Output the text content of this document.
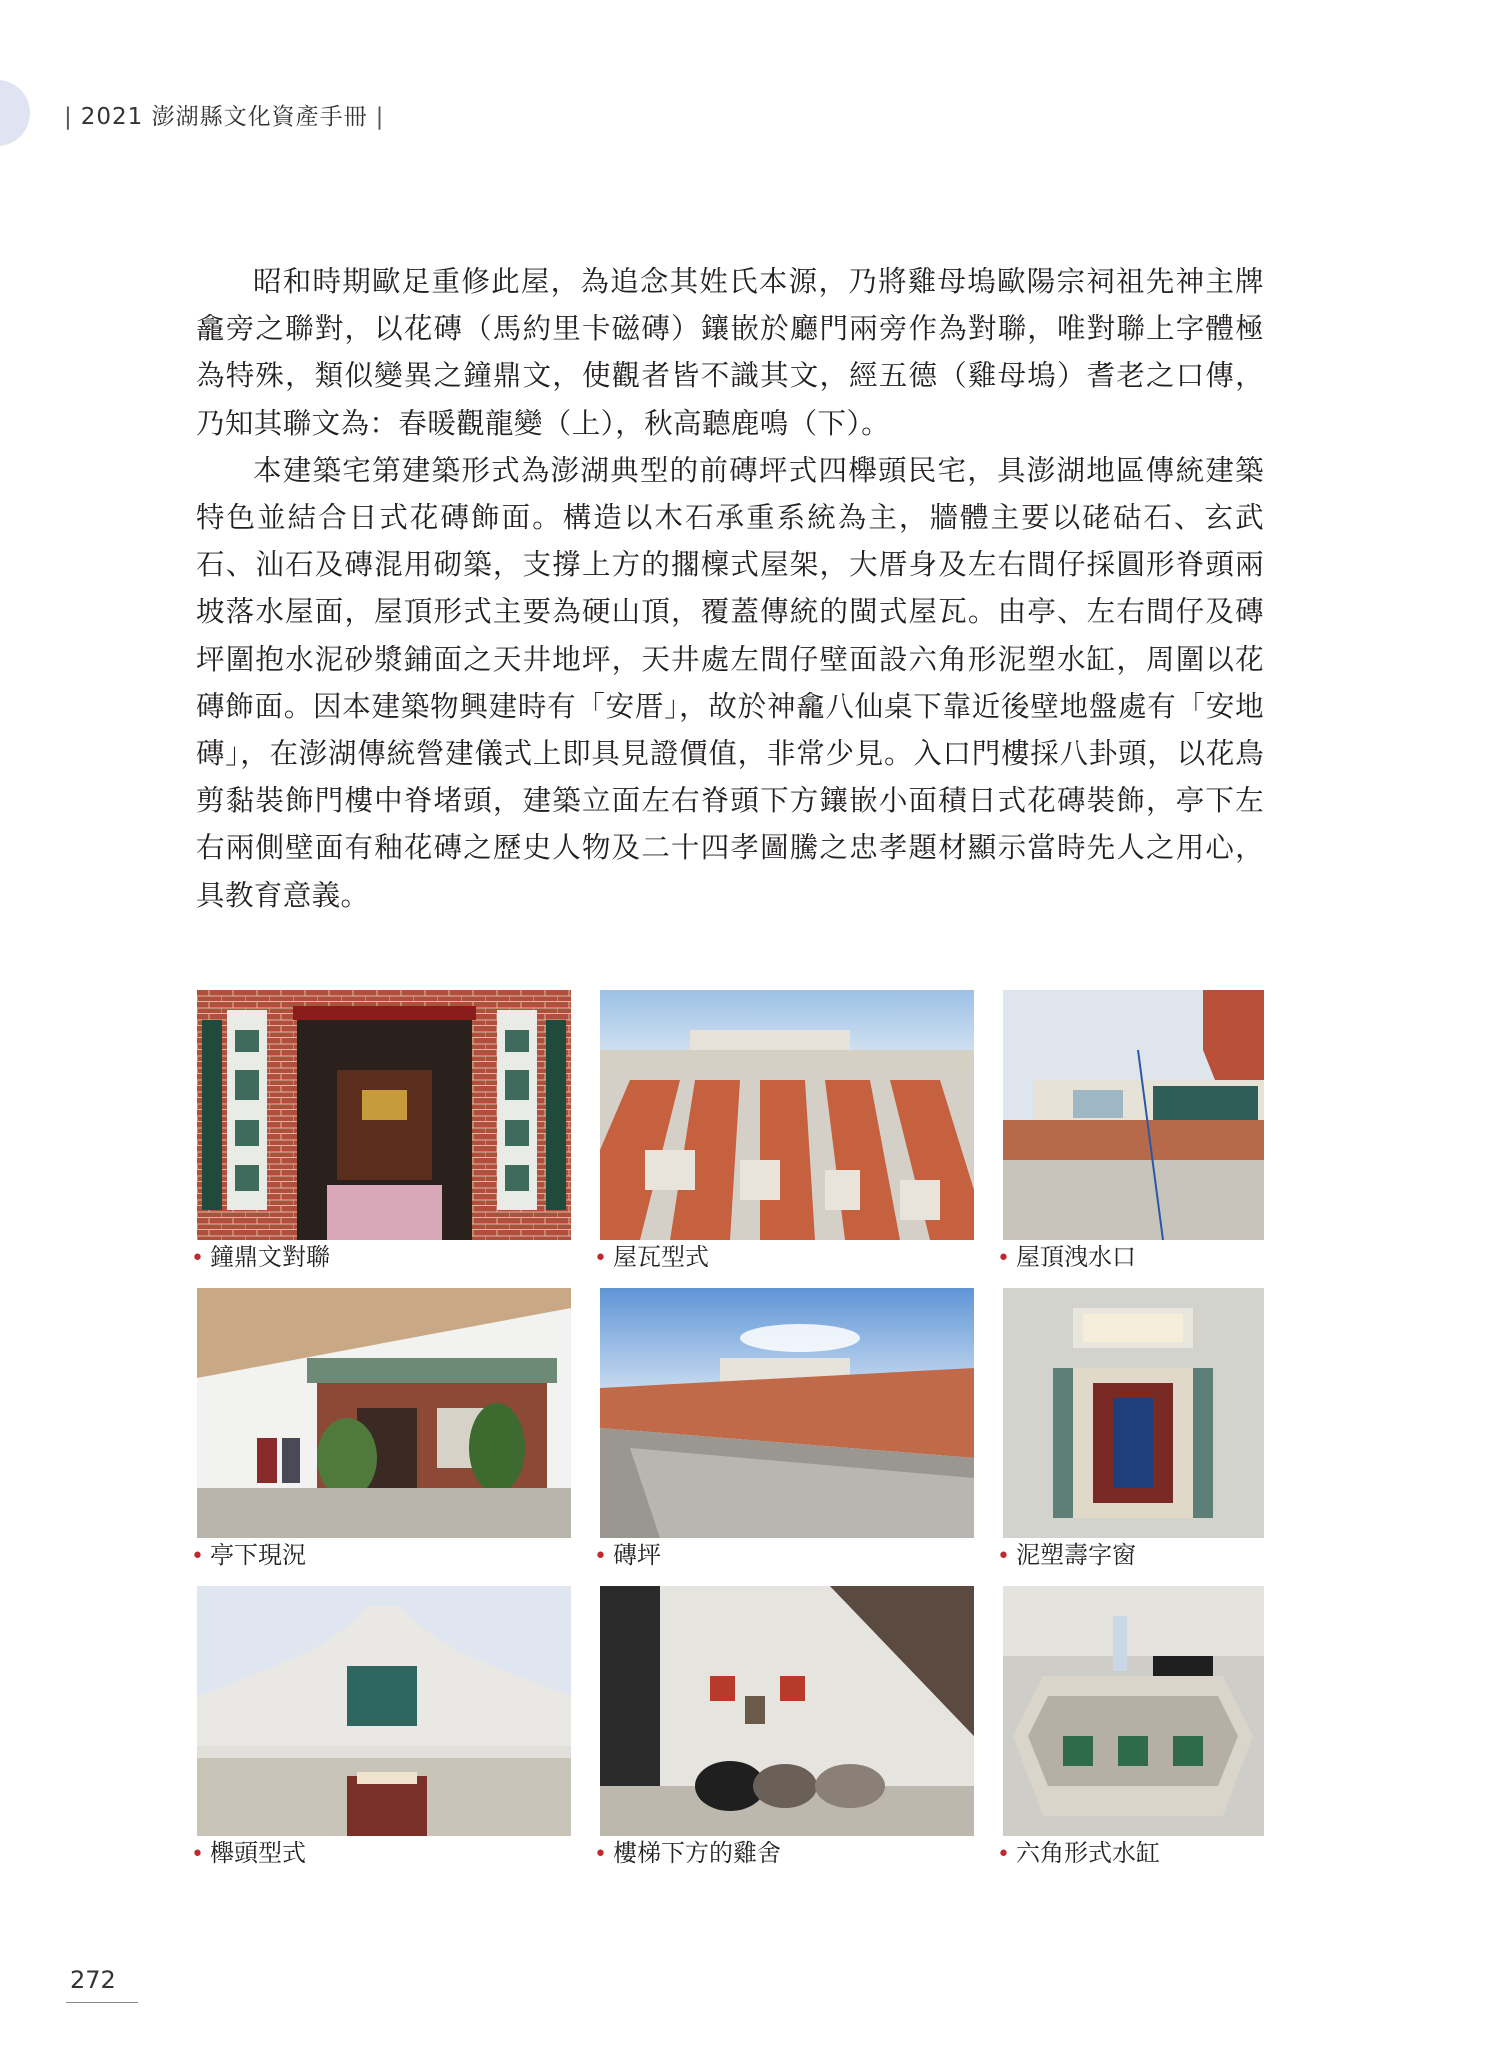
| 2021 澎湖縣文化資產手冊 |

昭和時期歐足重修此屋，為追念其姓氏本源，乃將雞母塢歐陽宗祠祖先神主牌龕旁之聯對，以花磚（馬約里卡磁磚）鑲嵌於廳門兩旁作為對聯，唯對聯上字體極為特殊，類似變異之鐘鼎文，使觀者皆不識其文，經五德（雞母塢）耆老之口傳，乃知其聯文為：春暖觀龍變（上），秋高聽鹿鳴（下）。

本建築宅第建築形式為澎湖典型的前磚坪式四櫸頭民宅，具澎湖地區傳統建築特色並結合日式花磚飾面。構造以木石承重系統為主，牆體主要以硓𥑮石、玄武石、汕石及磚混用砌築，支撐上方的擱檁式屋架，大厝身及左右間仔採圓形脊頭兩坡落水屋面，屋頂形式主要為硬山頂，覆蓋傳統的閩式屋瓦。由亭、左右間仔及磚坪圍抱水泥砂漿鋪面之天井地坪，天井處左間仔壁面設六角形泥塑水缸，周圍以花磚飾面。因本建築物興建時有「安厝」，故於神龕八仙桌下靠近後壁地盤處有「安地磚」，在澎湖傳統營建儀式上即具見證價值，非常少見。入口門樓採八卦頭，以花鳥剪黏裝飾門樓中脊堵頭，建築立面左右脊頭下方鑲嵌小面積日式花磚裝飾，亭下左右兩側壁面有釉花磚之歷史人物及二十四孝圖騰之忠孝題材顯示當時先人之用心，具教育意義。

• 鐘鼎文對聯	• 屋瓦型式	• 屋頂洩水口
• 亭下現況	• 磚坪	• 泥塑壽字窗
• 櫸頭型式	• 樓梯下方的雞舍	• 六角形式水缸
272
